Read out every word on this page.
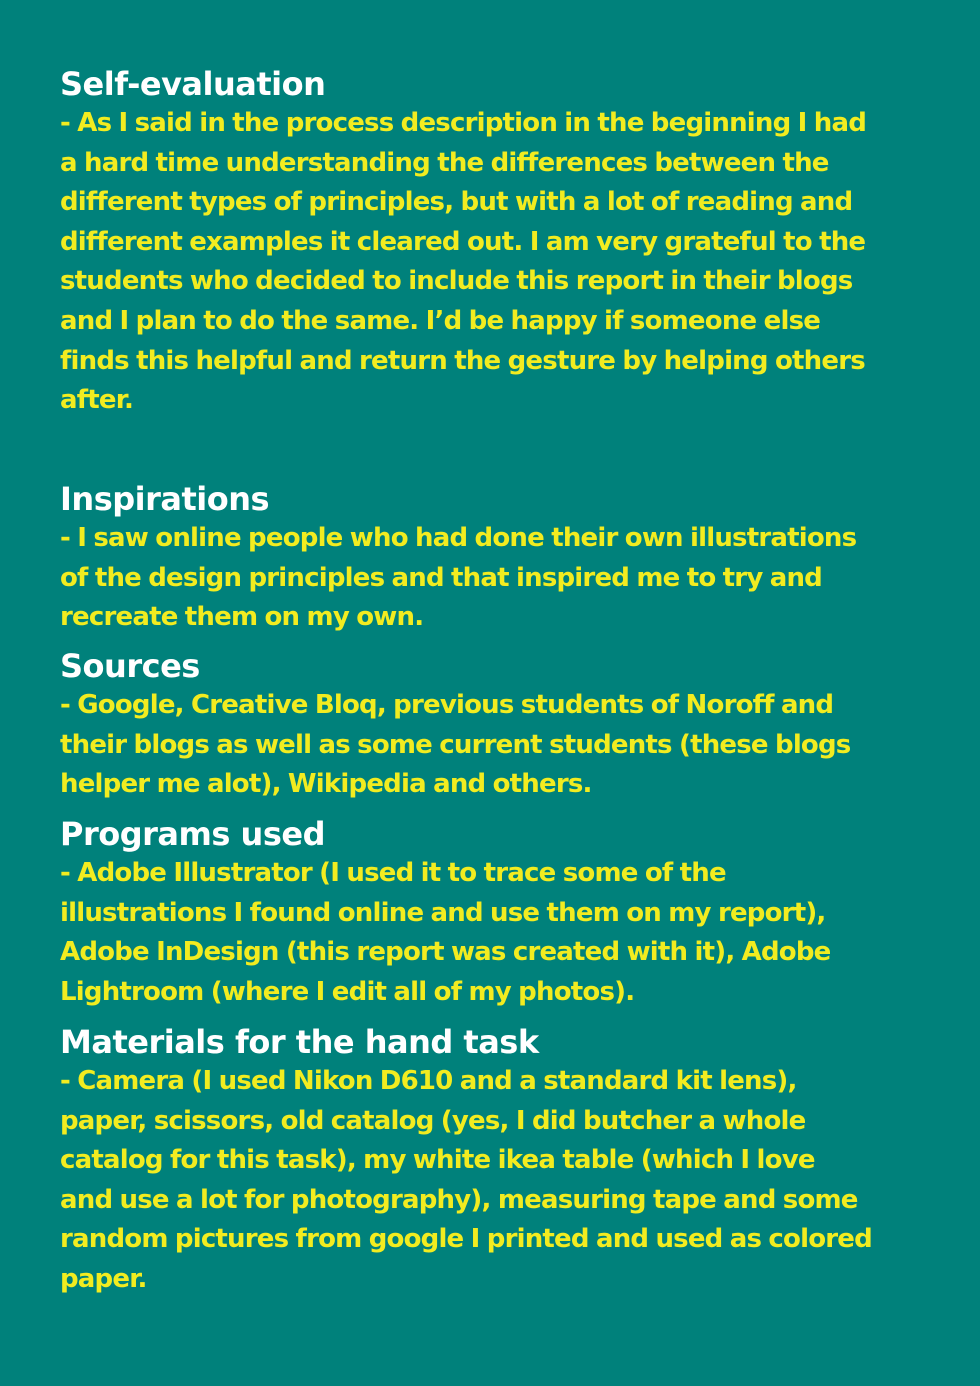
Self-evaluation

- As I said in the process description in the beginning I had
a hard time understanding the differences between the
different types of principles, but with a lot of reading and
different examples it cleared out. I am very grateful to the
students who decided to include this report in their blogs
and I plan to do the same. I’d be happy if someone else
finds this helpful and return the gesture by helping others
after.

Inspirations

- I saw online people who had done their own illustrations
of the design principles and that inspired me to try and
recreate them on my own.

Sources

- Google, Creative Bloq, previous students of Noroff and
their blogs as well as some current students (these blogs
helper me alot), Wikipedia and others.

Programs used

- Adobe Illustrator (I used it to trace some of the
illustrations I found online and use them on my report),
Adobe InDesign (this report was created with it), Adobe
Lightroom (where I edit all of my photos).

Materials for the hand task

- Camera (I used Nikon D610 and a standard kit lens),
paper, scissors, old catalog (yes, I did butcher a whole
catalog for this task), my white ikea table (which I love
and use a lot for photography), measuring tape and some
random pictures from google I printed and used as colored
paper.
